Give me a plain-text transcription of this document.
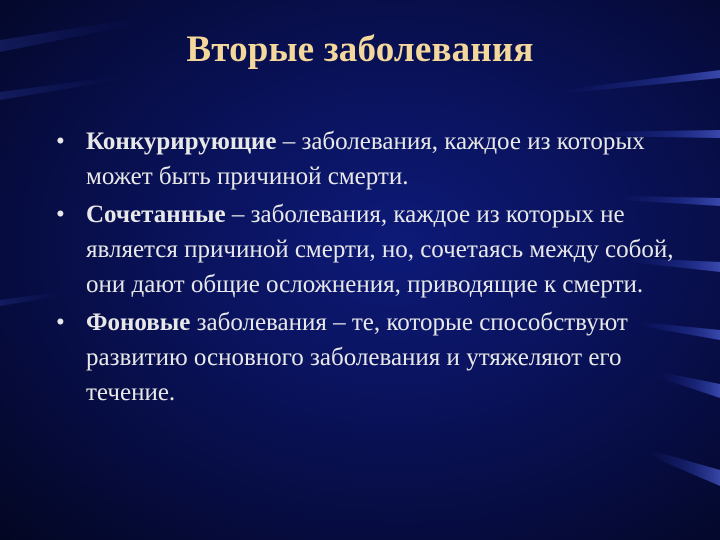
Вторые заболевания
• Конкурирующие – заболевания, каждое из которых может быть причиной смерти.
• Сочетанные – заболевания, каждое из которых не является причиной смерти, но, сочетаясь между собой, они дают общие осложнения, приводящие к смерти.
• Фоновые заболевания – те, которые способствуют развитию основного заболевания и утяжеляют его течение.
